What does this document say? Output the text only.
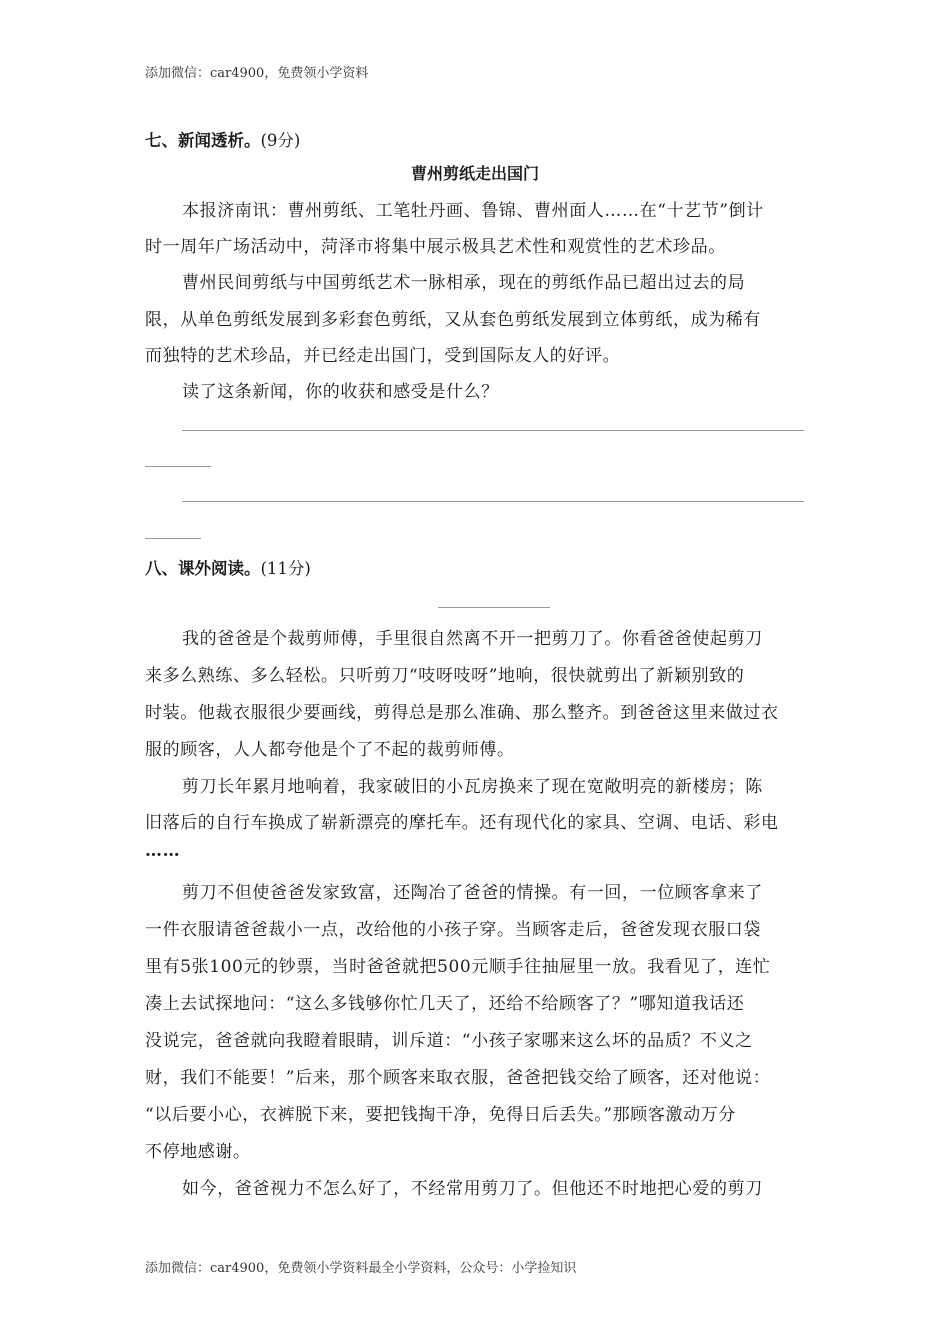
添加微信：car4900，免费领小学资料
七、新闻透析。(9分)
曹州剪纸走出国门
本报济南讯：曹州剪纸、工笔牡丹画、鲁锦、曹州面人……在“十艺节”倒计
时一周年广场活动中，菏泽市将集中展示极具艺术性和观赏性的艺术珍品。
曹州民间剪纸与中国剪纸艺术一脉相承，现在的剪纸作品已超出过去的局
限，从单色剪纸发展到多彩套色剪纸，又从套色剪纸发展到立体剪纸，成为稀有
而独特的艺术珍品，并已经走出国门，受到国际友人的好评。
读了这条新闻，你的收获和感受是什么？
八、课外阅读。(11分)
我的爸爸是个裁剪师傅，手里很自然离不开一把剪刀了。你看爸爸使起剪刀
来多么熟练、多么轻松。只听剪刀“吱呀吱呀”地响，很快就剪出了新颖别致的
时装。他裁衣服很少要画线，剪得总是那么准确、那么整齐。到爸爸这里来做过衣
服的顾客，人人都夸他是个了不起的裁剪师傅。
剪刀长年累月地响着，我家破旧的小瓦房换来了现在宽敞明亮的新楼房；陈
旧落后的自行车换成了崭新漂亮的摩托车。还有现代化的家具、空调、电话、彩电
……
剪刀不但使爸爸发家致富，还陶冶了爸爸的情操。有一回，一位顾客拿来了
一件衣服请爸爸裁小一点，改给他的小孩子穿。当顾客走后，爸爸发现衣服口袋
里有5张100元的钞票，当时爸爸就把500元顺手往抽屉里一放。我看见了，连忙
凑上去试探地问：“这么多钱够你忙几天了，还给不给顾客了？”哪知道我话还
没说完，爸爸就向我瞪着眼睛，训斥道：“小孩子家哪来这么坏的品质？不义之
财，我们不能要！”后来，那个顾客来取衣服，爸爸把钱交给了顾客，还对他说：
“以后要小心，衣裤脱下来，要把钱掏干净，免得日后丢失。”那顾客激动万分
不停地感谢。
如今，爸爸视力不怎么好了，不经常用剪刀了。但他还不时地把心爱的剪刀
添加微信：car4900，免费领小学资料最全小学资料，公众号：小学捡知识
